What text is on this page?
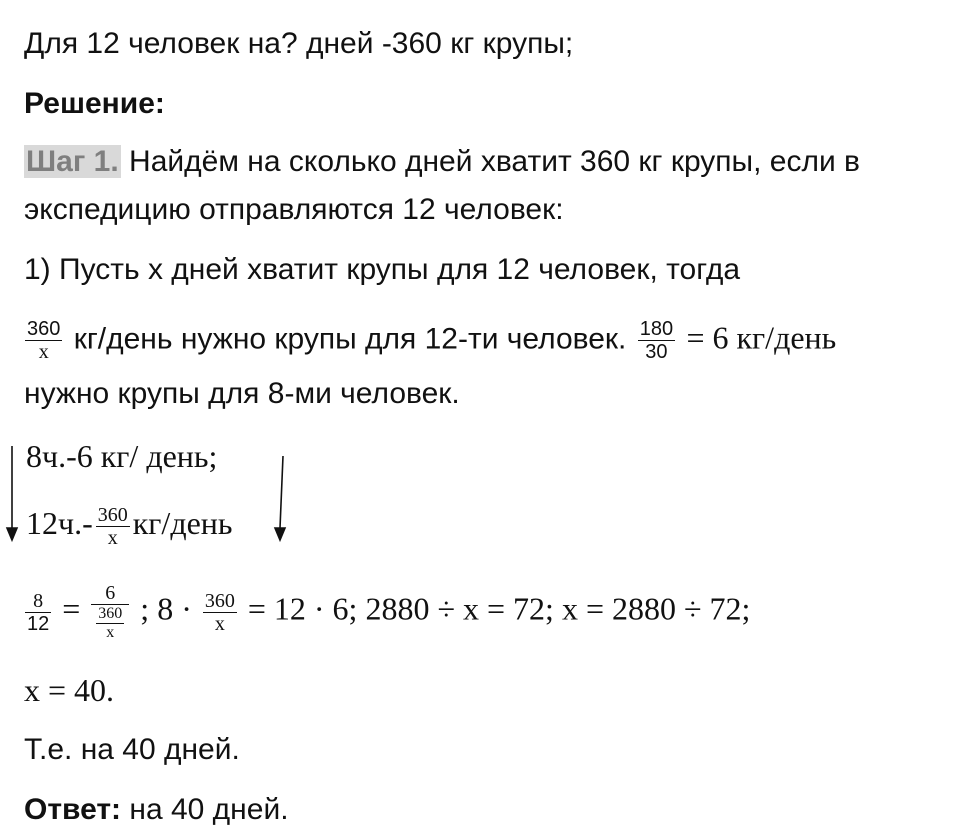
Для 12 человек на? дней -360 кг крупы;
Решение:
Шаг 1. Найдём на сколько дней хватит 360 кг крупы, если в
экспедицию отправляются 12 человек:
1) Пусть x дней хватит крупы для 12 человек, тогда
$\frac{360}{x}$ кг/день нужно крупы для 12-ти человек. $\frac{180}{30} = 6$ кг/день
нужно крупы для 8-ми человек.
8ч.-6 кг/ день;
$12ч.- \frac{360}{x}$ кг/день
$\frac{8}{12} = \frac{6}{\frac{360}{x}}$ ; $8 \cdot \frac{360}{x} = 12 \cdot 6$; 2880 ÷ x = 72; x = 2880 ÷ 72;
x = 40.
Т.е. на 40 дней.
Ответ: на 40 дней.
